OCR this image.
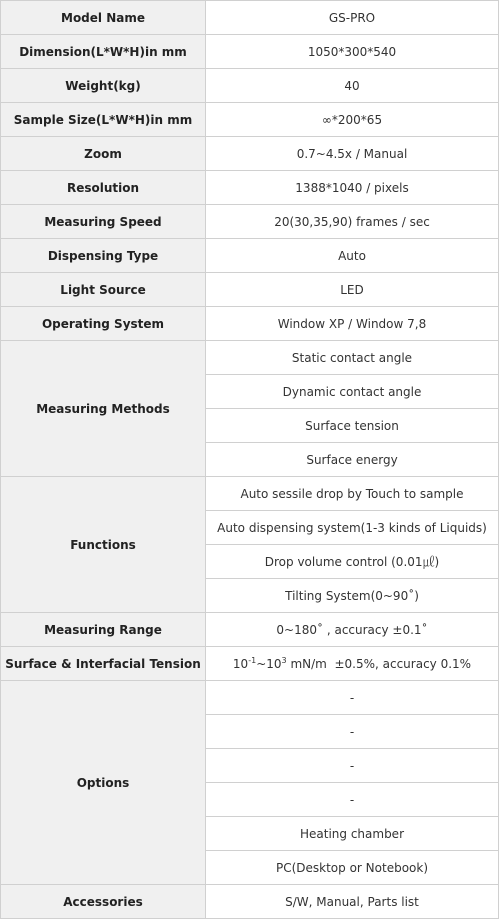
Model Name	GS-PRO
Dimension(L*W*H)in mm	1050*300*540
Weight(kg)	40
Sample Size(L*W*H)in mm	∞*200*65
Zoom	0.7~4.5x / Manual
Resolution	1388*1040 / pixels
Measuring Speed	20(30,35,90) frames / sec
Dispensing Type	Auto
Light Source	LED
Operating System	Window XP / Window 7,8
Measuring Methods	Static contact angle
	Dynamic contact angle
	Surface tension
	Surface energy
Functions	Auto sessile drop by Touch to sample
	Auto dispensing system(1-3 kinds of Liquids)
	Drop volume control (0.01㎕)
	Tilting System(0~90˚)
Measuring Range	0~180˚ , accuracy ±0.1˚
Surface & Interfacial Tension	$10^{-1}\sim 10^3$ mN/m  ±0.5%, accuracy 0.1%
Options	-
	-
	-
	-
	Heating chamber
	PC(Desktop or Notebook)
Accessories	S/W, Manual, Parts list
